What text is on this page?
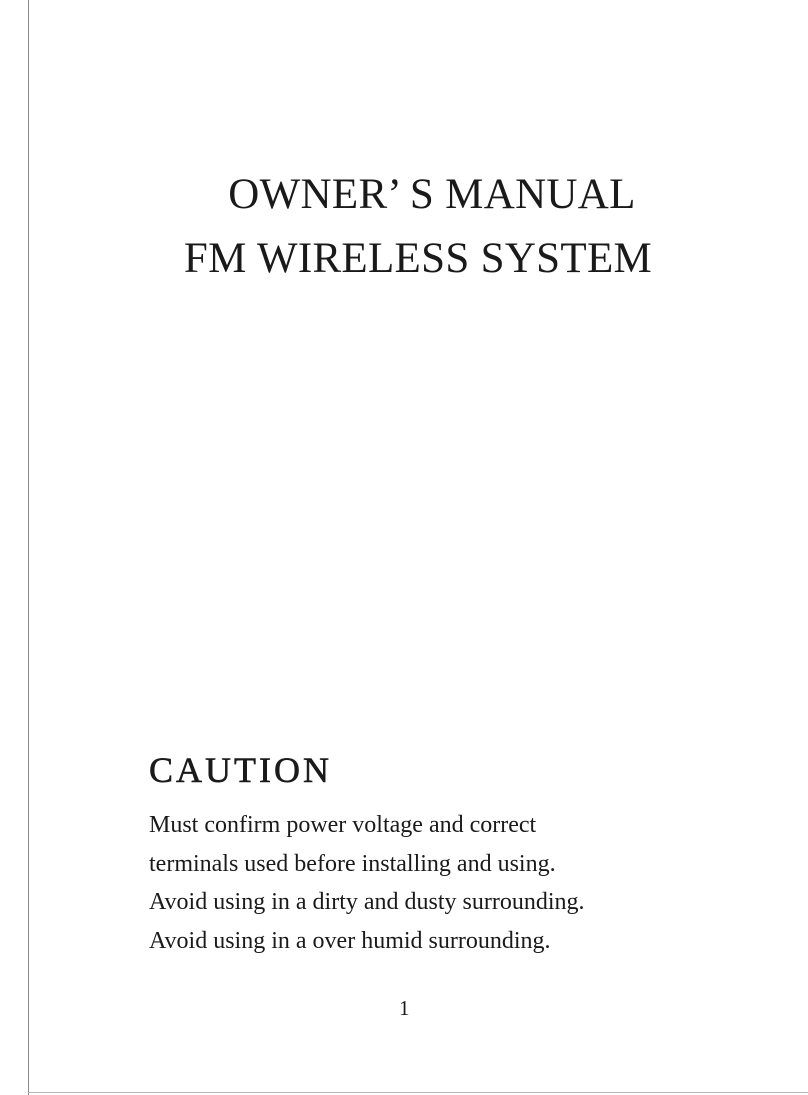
OWNER’ S MANUAL
FM WIRELESS SYSTEM
CAUTION
Must confirm power voltage and correct
terminals used before installing and using.
Avoid using in a dirty and dusty surrounding.
Avoid using in a over humid surrounding.
1
